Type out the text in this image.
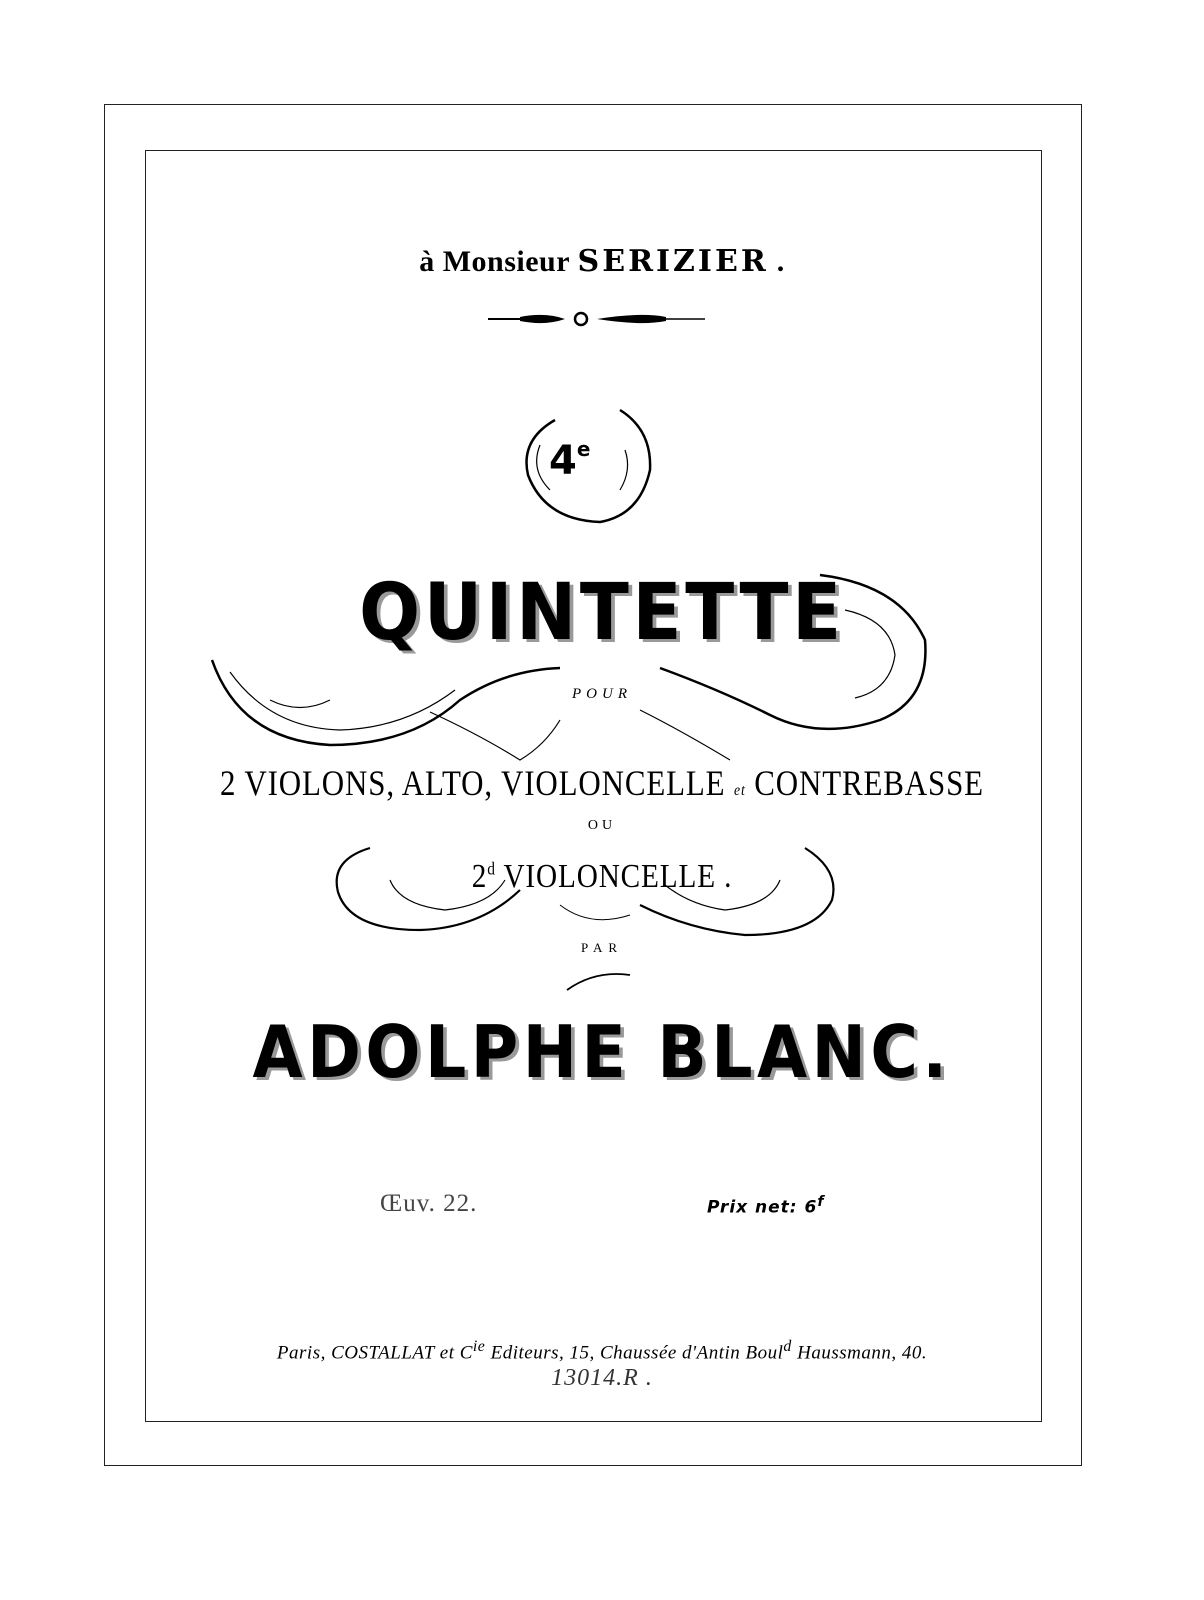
à Monsieur SERIZIER .
4e
QUINTETTE
POUR
2 VIOLONS, ALTO, VIOLONCELLE et CONTREBASSE
OU
2$^d$ VIOLONCELLE .
PAR
ADOLPHE BLANC.
Œuv. 22.	Prix net: 6$^f$
Paris, COSTALLAT et $C^{ie}$ Editeurs, 15, Chaussée d'Antin Boul$^d$ Haussmann, 40.
13014.R .
